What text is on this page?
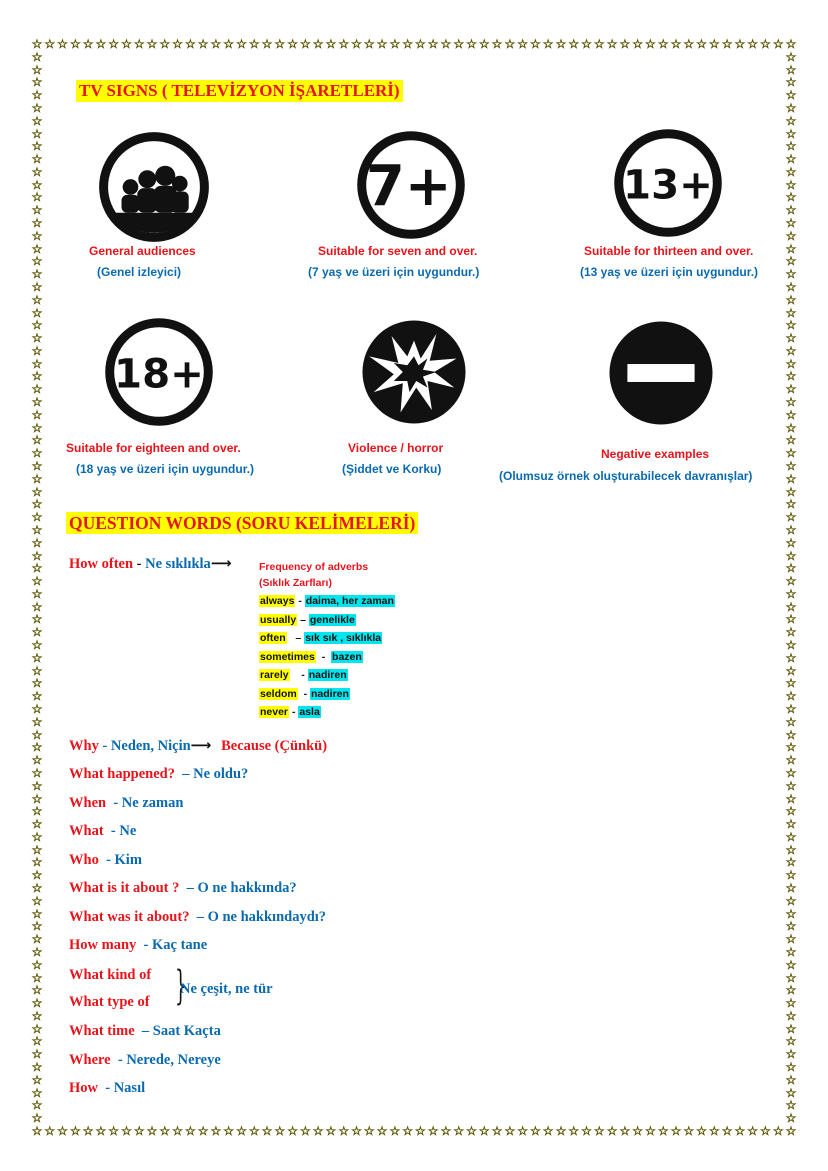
☆
☆
☆
☆
☆
☆
☆
☆
☆
☆
☆
☆
☆
☆
☆
☆
☆
☆
☆
☆
☆
☆
☆
☆
☆
☆
☆
☆
☆
☆
☆
☆
☆
☆
☆
☆
☆
☆
☆
☆
☆
☆
☆
☆
☆
☆
☆
☆
☆
☆
☆
☆
☆
☆
☆
☆
☆
☆
☆
☆
☆
☆
☆
☆
☆
☆
☆
☆
☆
☆
☆
☆
☆
☆
☆
☆
☆
☆
☆
☆
☆
☆
☆
☆
☆
☆
☆
☆
☆
☆
☆
☆
☆
☆
☆
☆
☆
☆
☆
☆
☆
☆
☆
☆
☆
☆
☆
☆
☆
☆
☆
☆
☆
☆
☆
☆
☆
☆
☆
☆
☆	☆
☆	☆
☆	☆
☆	☆
☆	☆
☆	☆
☆	☆
☆	☆
☆	☆
☆	☆
☆	☆
☆	☆
☆	☆
☆	☆
☆	☆
☆	☆
☆	☆
☆	☆
☆	☆
☆	☆
☆	☆
☆	☆
☆	☆
☆	☆
☆	☆
☆	☆
☆	☆
☆	☆
☆	☆
☆	☆
☆	☆
☆	☆
☆	☆
☆	☆
☆	☆
☆	☆
☆	☆
☆	☆
☆	☆
☆	☆
☆	☆
☆	☆
☆	☆
☆	☆
☆	☆
☆	☆
☆	☆
☆	☆
☆	☆
☆	☆
☆	☆
☆	☆
☆	☆
☆	☆
☆	☆
☆	☆
☆	☆
☆	☆
☆	☆
☆	☆
☆	☆
☆	☆
☆	☆
☆	☆
☆	☆
☆	☆
☆	☆
☆	☆
☆	☆
☆	☆
☆	☆
☆	☆
☆	☆
☆	☆
☆	☆
☆	☆
☆	☆
☆	☆
☆	☆
☆	☆
☆	☆
☆	☆
☆	☆
☆	☆
TV SIGNS ( TELEVİZYON İŞARETLERİ)
7+	13+
General audiences
(Genel izleyici)
Suitable for seven and over.
(7 yaş ve üzeri için uygundur.)
Suitable for thirteen and over.
(13 yaş ve üzeri için uygundur.)
18+
Suitable for eighteen and over.
(18 yaş ve üzeri için uygundur.)
Violence / horror
(Şiddet ve Korku)
Negative examples
(Olumsuz örnek oluşturabilecek davranışlar)
QUESTION WORDS (SORU KELİMELERİ)
How often - Ne sıklıkla⟶	Frequency of adverbs
(Sıklık Zarfları)
always - daima, her zaman
usually – genelikle
often   – sık sık , sıklıkla
sometimes  -  bazen
rarely    - nadiren
seldom  - nadiren
never - asla
Why - Neden, Niçin⟶ Because (Çünkü)
What happened? – Ne oldu?
When - Ne zaman
What - Ne
Who - Kim
What is it about ? – O ne hakkında?
What was it about? – O ne hakkındaydı?
How many - Kaç tane
What kind of
What type of }
Ne çeşit, ne tür
What time – Saat Kaçta
Where - Nerede, Nereye
How - Nasıl
